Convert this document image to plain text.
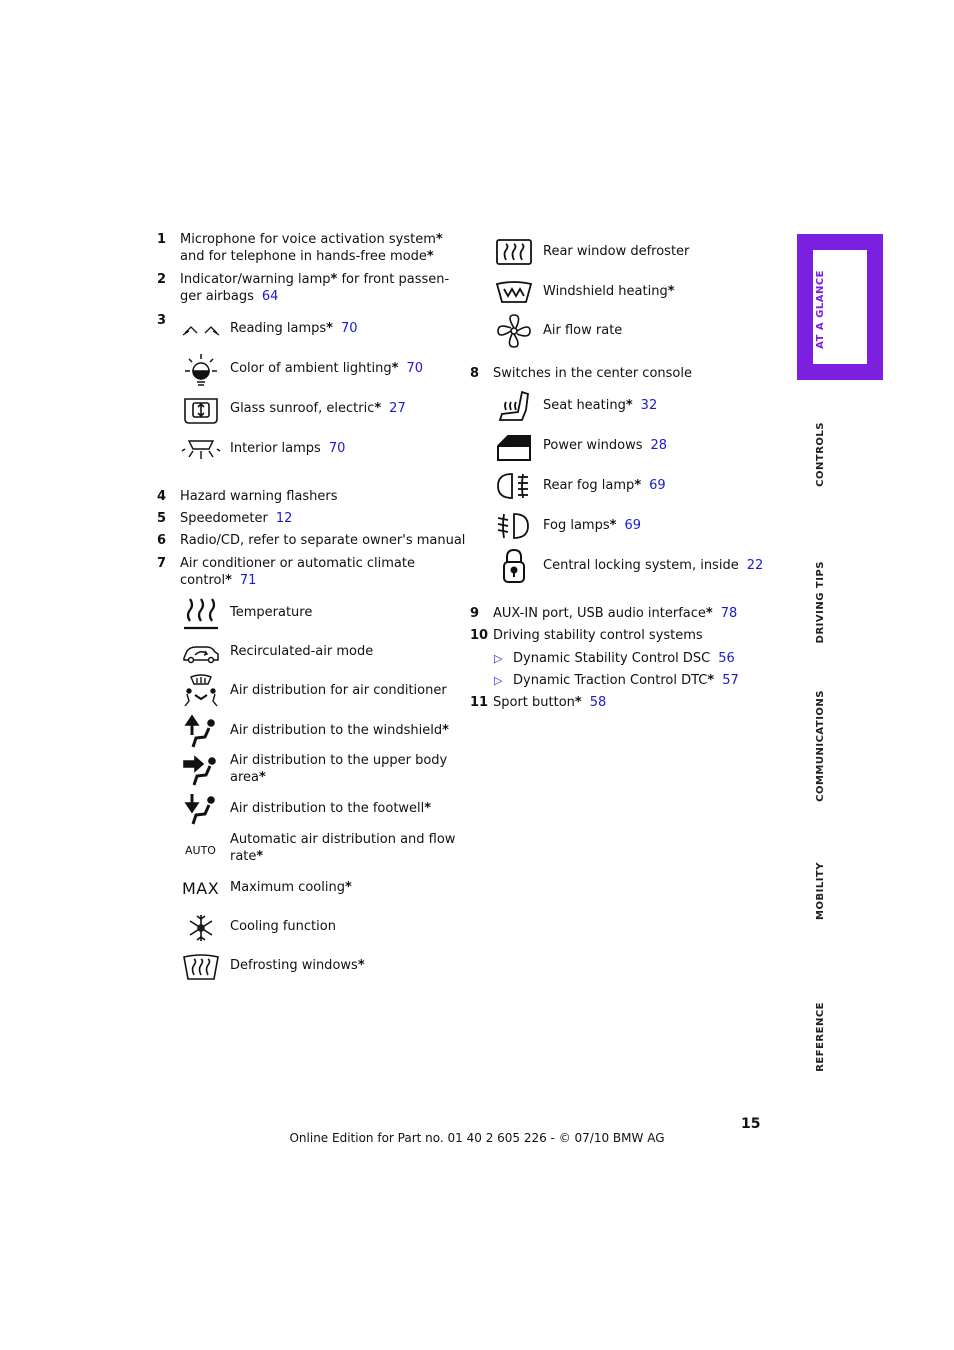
1 Microphone for voice activation system*
and for telephone in hands-free mode*
2 Indicator/warning lamp* for front passen-
ger airbags 64
3
Reading lamps* 70
Color of ambient lighting* 70
Glass sunroof, electric* 27
Interior lamps 70
4 Hazard warning flashers
5 Speedometer 12
6 Radio/CD, refer to separate owner's manual
7 Air conditioner or automatic climate
control* 71
Temperature
Recirculated-air mode
Air distribution for air conditioner
Air distribution to the windshield*
Air distribution to the upper body
area*
Air distribution to the footwell*
AUTO
Automatic air distribution and flow
rate*
MAX Maximum cooling*
Cooling function
Defrosting windows*
Rear window defroster
Windshield heating*
Air flow rate
8 Switches in the center console
Seat heating* 32
Power windows 28
Rear fog lamp* 69
Fog lamps* 69
Central locking system, inside 22
9 AUX-IN port, USB audio interface* 78
10 Driving stability control systems
▷ Dynamic Stability Control DSC 56
▷ Dynamic Traction Control DTC* 57
11 Sport button* 58
AT A GLANCE
CONTROLS
DRIVING TIPS
COMMUNICATIONS
MOBILITY
REFERENCE
15
Online Edition for Part no. 01 40 2 605 226 - © 07/10 BMW AG
